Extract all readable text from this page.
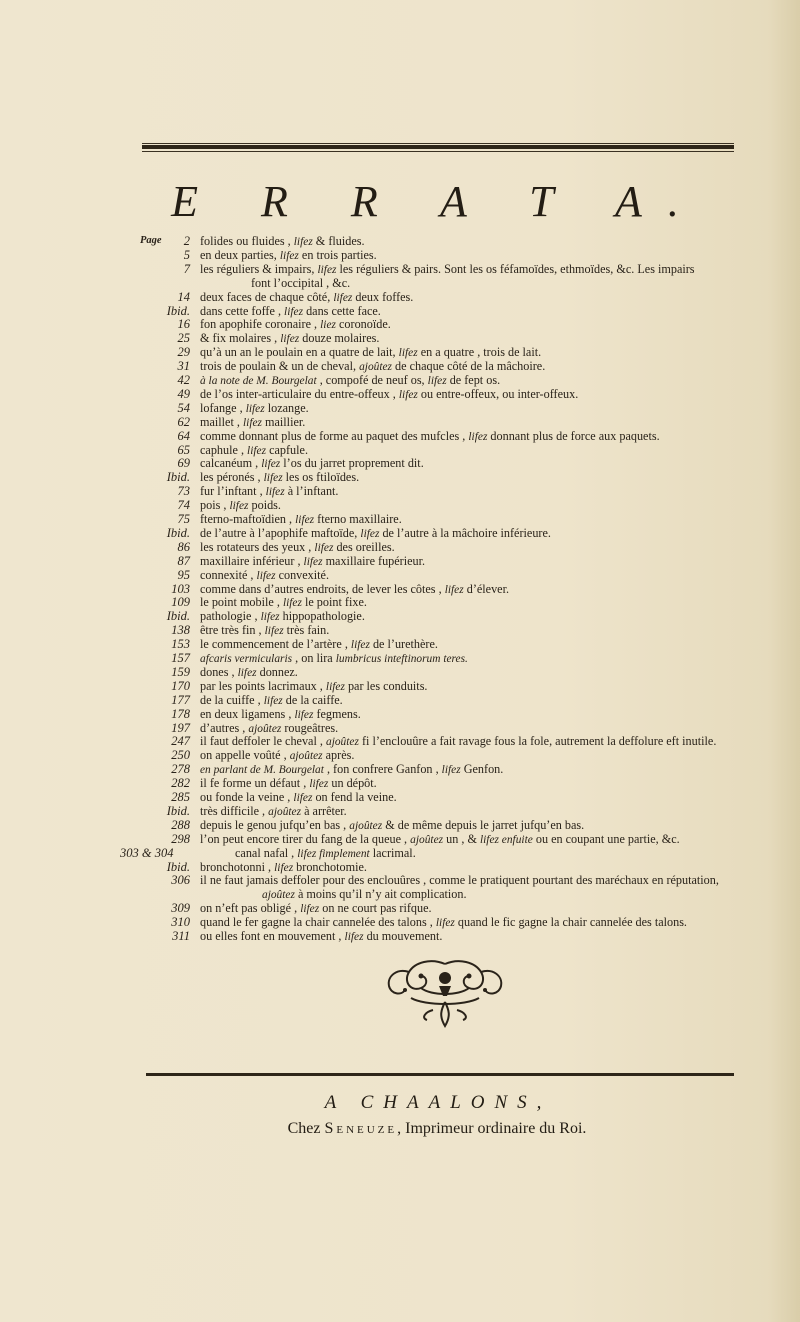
E R R A T A.
Page	2 folides ou fluides , lifez & fluides.
5 en deux parties, lifez en trois parties.
7 les réguliers & impairs, lifez les réguliers & pairs. Sont les os féfamoïdes, ethmoïdes, &c. Les impairs
font l’occipital , &c.
14 deux faces de chaque côté, lifez deux foffes.
Ibid. dans cette foffe , lifez dans cette face.
16 fon apophife coronaire , liez coronoïde.
25 & fix molaires , lifez douze molaires.
29 qu’à un an le poulain en a quatre de lait, lifez en a quatre , trois de lait.
31 trois de poulain & un de cheval, ajoûtez de chaque côté de la mâchoire.
42 à la note de M. Bourgelat , compofé de neuf os, lifez de fept os.
49 de l’os inter-articulaire du entre-offeux , lifez ou entre-offeux, ou inter-offeux.
54 lofange , lifez lozange.
62 maillet , lifez maillier.
64 comme donnant plus de forme au paquet des mufcles , lifez donnant plus de force aux paquets.
65 caphule , lifez capfule.
69 calcanéum , lifez l’os du jarret proprement dit.
Ibid. les péronés , lifez les os ftiloïdes.
73 fur l’inftant , lifez à l’inftant.
74 pois , lifez poids.
75 fterno-maftoïdien , lifez fterno maxillaire.
Ibid. de l’autre à l’apophife maftoïde, lifez de l’autre à la mâchoire inférieure.
86 les rotateurs des yeux , lifez des oreilles.
87 maxillaire inférieur , lifez maxillaire fupérieur.
95 connexité , lifez convexité.
103 comme dans d’autres endroits, de lever les côtes , lifez d’élever.
109 le point mobile , lifez le point fixe.
Ibid. pathologie , lifez hippopathologie.
138 être très fin , lifez très fain.
153 le commencement de l’artère , lifez de l’urethère.
157 afcaris vermicularis , on lira lumbricus inteftinorum teres.
159 dones , lifez donnez.
170 par les points lacrimaux , lifez par les conduits.
177 de la cuiffe , lifez de la caiffe.
178 en deux ligamens , lifez fegmens.
197 d’autres , ajoûtez rougeâtres.
247 il faut deffoler le cheval , ajoûtez fi l’enclouûre a fait ravage fous la fole, autrement la deffolure eft inutile.
250 on appelle voûté , ajoûtez après.
278 en parlant de M. Bourgelat , fon confrere Ganfon , lifez Genfon.
282 il fe forme un défaut , lifez un dépôt.
285 ou fonde la veine , lifez on fend la veine.
Ibid. très difficile , ajoûtez à arrêter.
288 depuis le genou jufqu’en bas , ajoûtez & de même depuis le jarret jufqu’en bas.
298 l’on peut encore tirer du fang de la queue , ajoûtez un , & lifez enfuite ou en coupant une partie, &c.
303 & 304	canal nafal , lifez fimplement lacrimal.
Ibid. bronchotonni , lifez bronchotomie.
306 il ne faut jamais deffoler pour des enclouûres , comme le pratiquent pourtant des maréchaux en réputation,
ajoûtez à moins qu’il n’y ait complication.
309 on n’eft pas obligé , lifez on ne court pas rifque.
310 quand le fer gagne la chair cannelée des talons , lifez quand le fic gagne la chair cannelée des talons.
311 ou elles font en mouvement , lifez du mouvement.
A CHAALONS,
Chez Seneuze, Imprimeur ordinaire du Roi.
